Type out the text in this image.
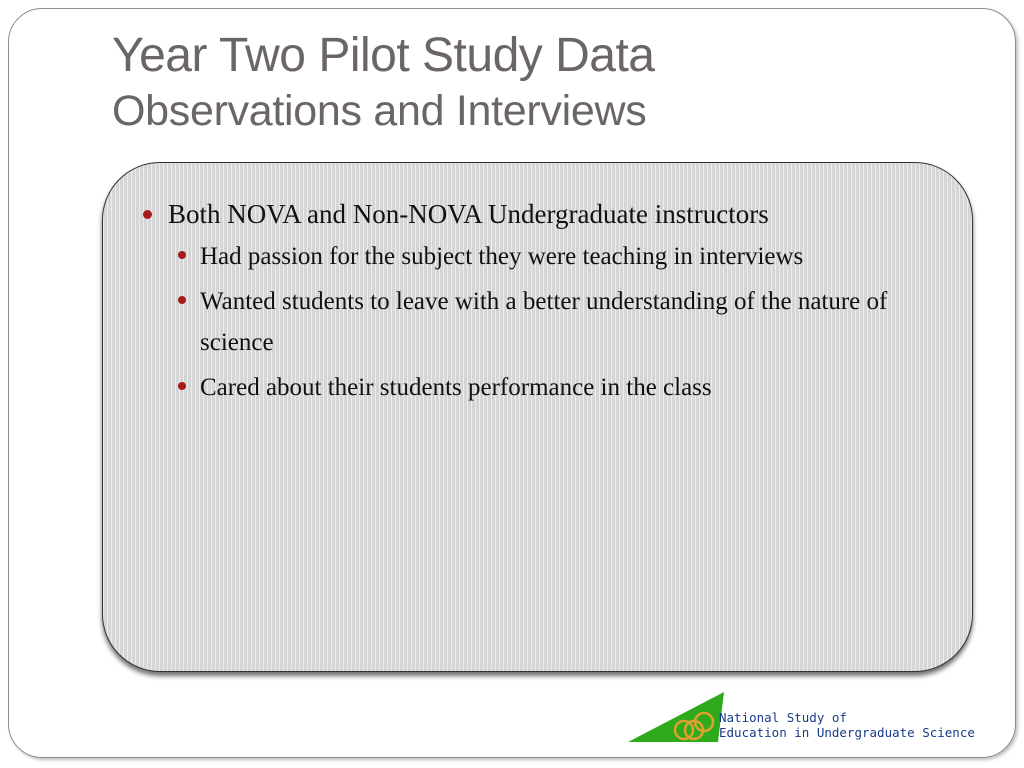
Year Two Pilot Study Data
Observations and Interviews
Both NOVA and Non-NOVA Undergraduate instructors
Had passion for the subject they were teaching in interviews
Wanted students to leave with a better understanding of the nature of science
Cared about their students performance in the class
National Study of
Education in Undergraduate Science
